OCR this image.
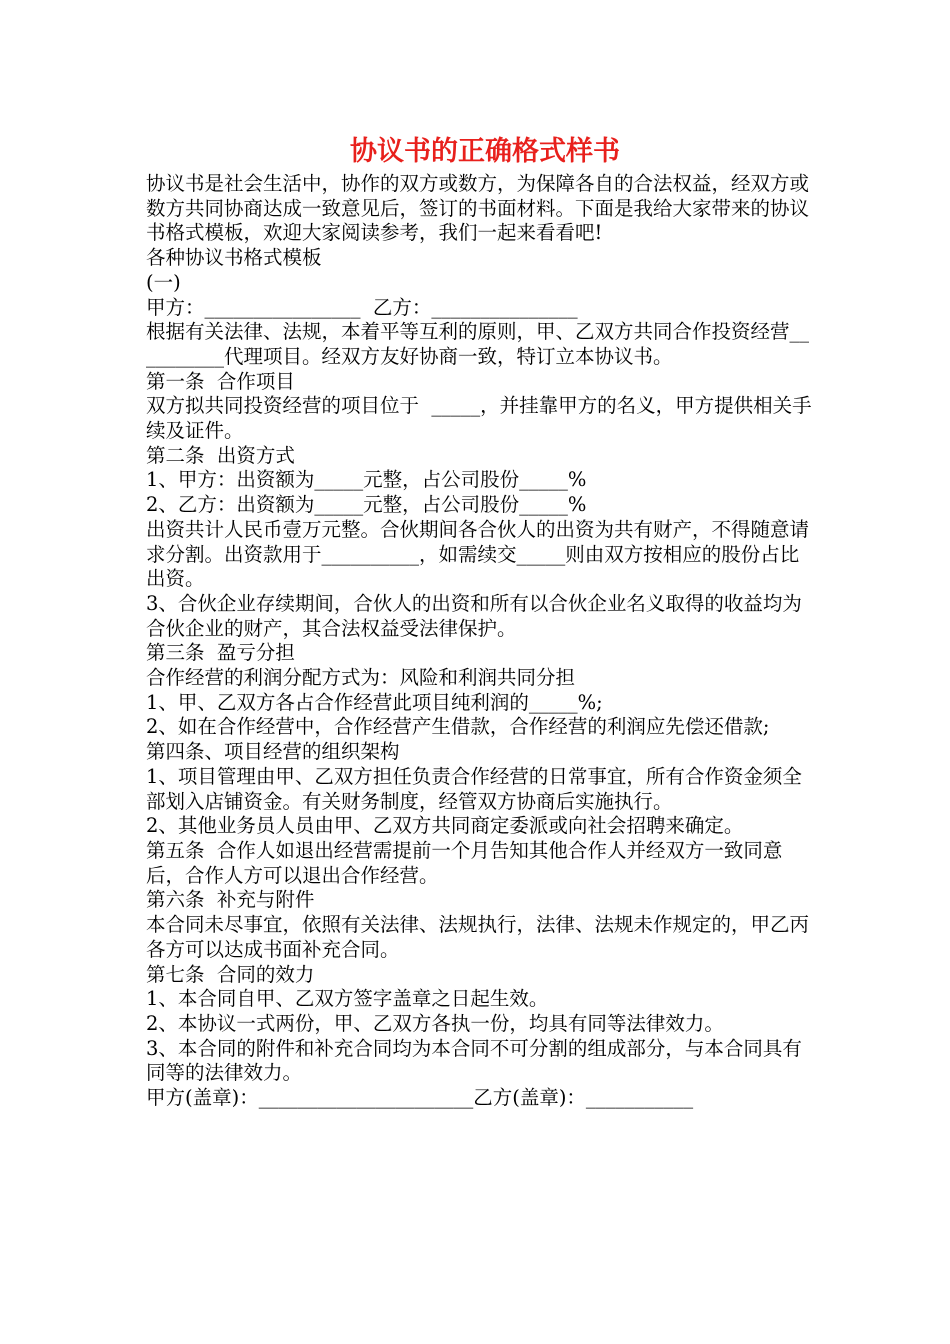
协议书的正确格式样书

协议书是社会生活中，协作的双方或数方，为保障各自的合法权益，经双方或数方共同协商达成一致意见后，签订的书面材料。下面是我给大家带来的协议书格式模板，欢迎大家阅读参考，我们一起来看看吧!

各种协议书格式模板

(一)

甲方：________________  乙方：_______________

根据有关法律、法规，本着平等互利的原则，甲、乙双方共同合作投资经营__________代理项目。经双方友好协商一致，特订立本协议书。

第一条  合作项目

双方拟共同投资经营的项目位于  _____，并挂靠甲方的名义，甲方提供相关手续及证件。

第二条  出资方式

1、甲方：出资额为_____元整，占公司股份_____%

2、乙方：出资额为_____元整，占公司股份_____%

出资共计人民币壹万元整。合伙期间各合伙人的出资为共有财产，不得随意请求分割。出资款用于__________，如需续交_____则由双方按相应的股份占比出资。

3、合伙企业存续期间，合伙人的出资和所有以合伙企业名义取得的收益均为合伙企业的财产，其合法权益受法律保护。

第三条  盈亏分担

合作经营的利润分配方式为：风险和利润共同分担

1、甲、乙双方各占合作经营此项目纯利润的_____%;

2、如在合作经营中，合作经营产生借款，合作经营的利润应先偿还借款;

第四条、项目经营的组织架构

1、项目管理由甲、乙双方担任负责合作经营的日常事宜，所有合作资金须全部划入店铺资金。有关财务制度，经管双方协商后实施执行。

2、其他业务员人员由甲、乙双方共同商定委派或向社会招聘来确定。

第五条  合作人如退出经营需提前一个月告知其他合作人并经双方一致同意后，合作人方可以退出合作经营。

第六条  补充与附件

本合同未尽事宜，依照有关法律、法规执行，法律、法规未作规定的，甲乙丙各方可以达成书面补充合同。

第七条  合同的效力

1、本合同自甲、乙双方签字盖章之日起生效。

2、本协议一式两份，甲、乙双方各执一份，均具有同等法律效力。

3、本合同的附件和补充合同均为本合同不可分割的组成部分，与本合同具有同等的法律效力。

甲方(盖章)：______________________乙方(盖章)：___________
